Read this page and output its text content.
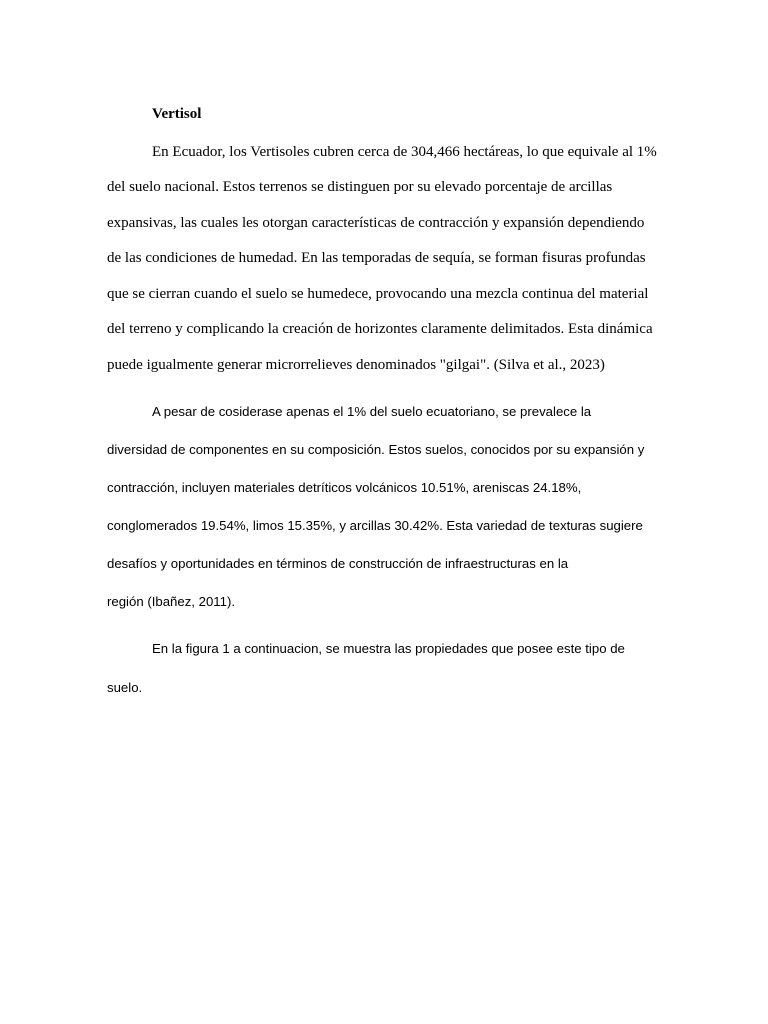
Vertisol
En Ecuador, los Vertisoles cubren cerca de 304,466 hectáreas, lo que equivale al 1%
del suelo nacional. Estos terrenos se distinguen por su elevado porcentaje de arcillas
expansivas, las cuales les otorgan características de contracción y expansión dependiendo
de las condiciones de humedad. En las temporadas de sequía, se forman fisuras profundas
que se cierran cuando el suelo se humedece, provocando una mezcla continua del material
del terreno y complicando la creación de horizontes claramente delimitados. Esta dinámica
puede igualmente generar microrrelieves denominados "gilgai". (Silva et al., 2023)
A pesar de cosiderase apenas el 1% del suelo ecuatoriano, se prevalece la
diversidad de componentes en su composición. Estos suelos, conocidos por su expansión y
contracción, incluyen materiales detríticos volcánicos 10.51%, areniscas 24.18%,
conglomerados 19.54%, limos 15.35%, y arcillas 30.42%. Esta variedad de texturas sugiere
desafíos y oportunidades en términos de construcción de infraestructuras en la
región (Ibañez, 2011).
En la figura 1 a continuacion, se muestra las propiedades que posee este tipo de
suelo.
